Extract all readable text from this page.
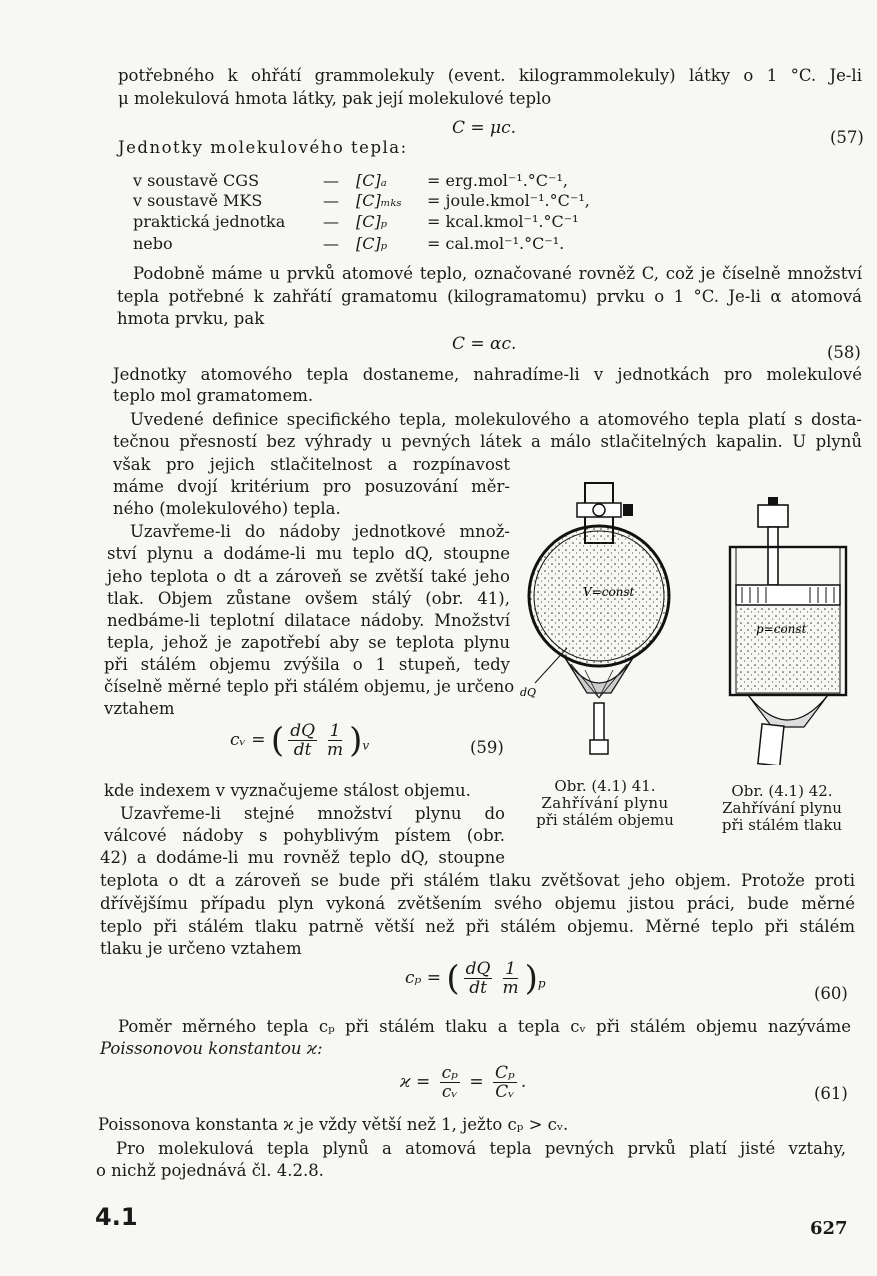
potřebného k ohřátí grammolekuly (event. kilogrammolekuly) látky o 1 °C. Je-li
μ molekulová hmota látky, pak její molekulové teplo
C = μc.	(57)
Jednotky molekulového tepla:
v soustavě CGS	— [C]ₐ	= erg.mol⁻¹.°C⁻¹,
v soustavě MKS	— [C]ₘₖₛ = joule.kmol⁻¹.°C⁻¹,
praktická jednotka — [C]ₚ = kcal.kmol⁻¹.°C⁻¹
nebo	— [C]ₚ = cal.mol⁻¹.°C⁻¹.
Podobně máme u prvků atomové teplo, označované rovněž C, což je číselně množství
tepla potřebné k zahřátí gramatomu (kilogramatomu) prvku o 1 °C. Je-li α atomová
hmota prvku, pak
C = αc.	(58)
Jednotky atomového tepla dostaneme, nahradíme-li v jednotkách pro molekulové
teplo mol gramatomem.
Uvedené definice specifického tepla, molekulového a atomového tepla platí s dosta-
tečnou přesností bez výhrady u pevných látek a málo stlačitelných kapalin. U plynů
však pro jejich stlačitelnost a rozpínavost
máme dvojí kritérium pro posuzování měr-
ného (molekulového) tepla.
Uzavřeme-li do nádoby jednotkové množ-
ství plynu a dodáme-li mu teplo dQ, stoupne
jeho teplota o dt a zároveň se zvětší také jeho
tlak. Objem zůstane ovšem stálý (obr. 41),
nedbáme-li teplotní dilatace nádoby. Množství
tepla, jehož je zapotřebí aby se teplota plynu
při stálém objemu zvýšila o 1 stupeň, tedy
číselně měrné teplo při stálém objemu, je určeno
vztahem
cᵥ = ( $\frac{dQ}{dt} \frac{1}{m} )_v$	(59)
kde indexem v vyznačujeme stálost objemu.
Uzavřeme-li stejné množství plynu do
válcové nádoby s pohyblivým pístem (obr.
42) a dodáme-li mu rovněž teplo dQ, stoupne
teplota o dt a zároveň se bude při stálém tlaku zvětšovat jeho objem. Protože proti
dřívějšímu případu plyn vykoná zvětšením svého objemu jistou práci, bude měrné
teplo při stálém tlaku patrně větší než při stálém objemu. Měrné teplo při stálém
tlaku je určeno vztahem
cₚ = ( $\frac{dQ}{dt} \frac{1}{m} )_p$
(60)
Poměr měrného tepla cₚ při stálém tlaku a tepla cᵥ při stálém objemu nazýváme
Poissonovou konstantou ϰ:
$ϰ = \frac{\text{cₚ}}{\text{cᵥ}} = \frac{\text{Cₚ}}{\text{Cᵥ}}$ .
(61)
Poissonova konstanta ϰ je vždy větší než 1, ježto cₚ > cᵥ.
Pro molekulová tepla plynů a atomová tepla pevných prvků platí jisté vztahy,
o nichž pojednává čl. 4.2.8.
4.1	627
V=const
dQ
p=const
Obr. (4.1) 41.
Zahřívání plynu
při stálém objemu
Obr. (4.1) 42.
Zahřívání plynu
při stálém tlaku
